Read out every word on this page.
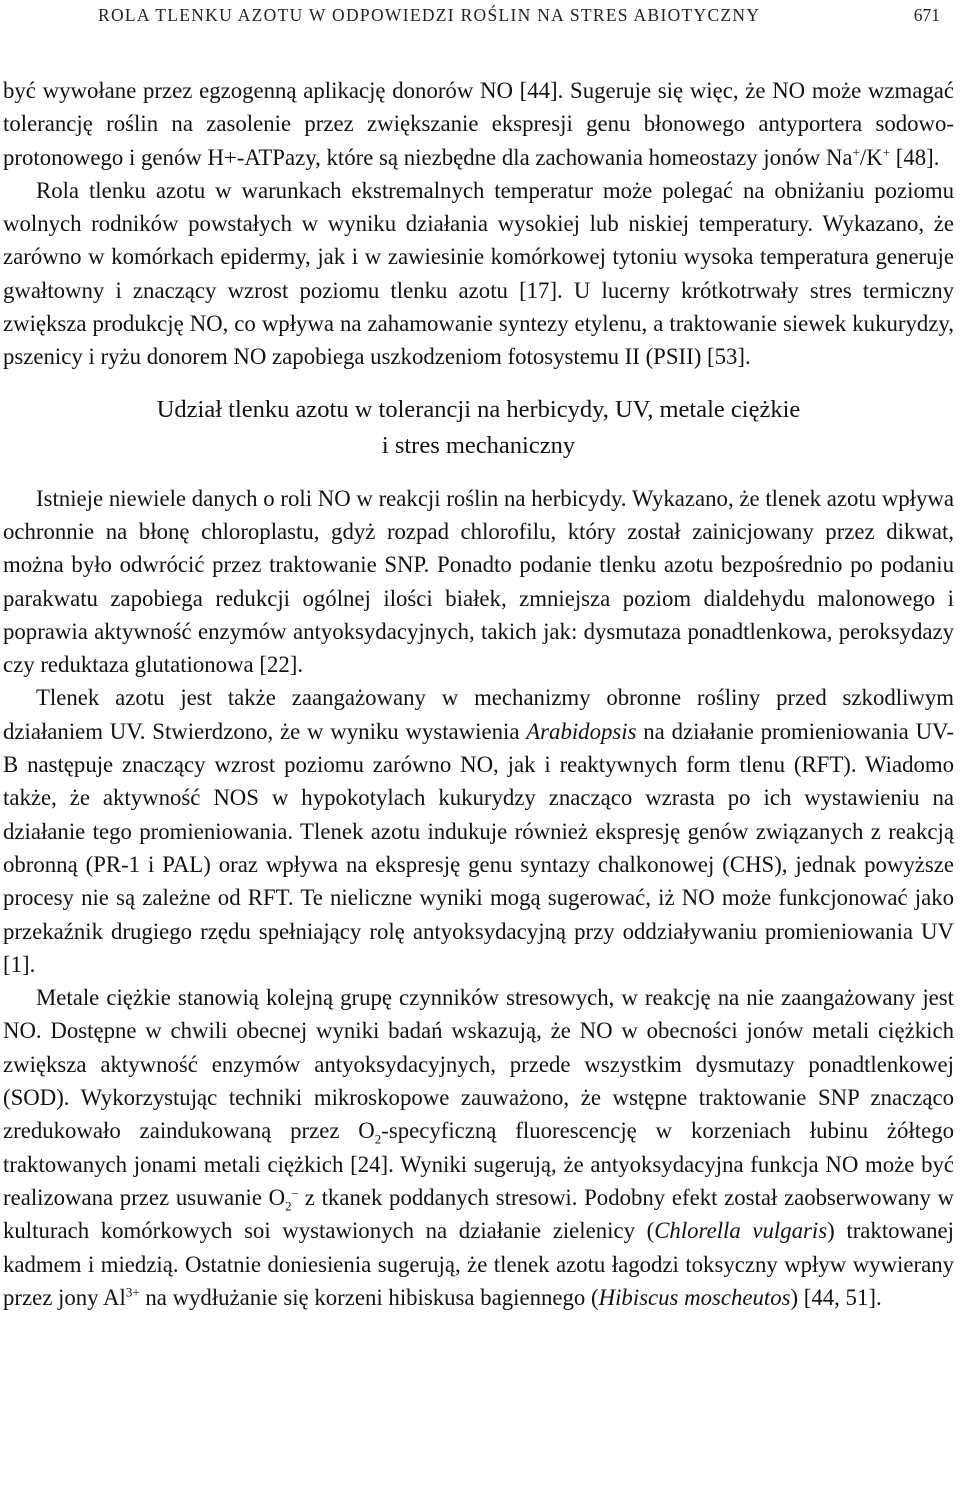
ROLA TLENKU AZOTU W ODPOWIEDZI ROŚLIN NA STRES ABIOTYCZNY	671

być wywołane przez egzogenną aplikację donorów NO [44]. Sugeruje się więc, że NO może wzmagać tolerancję roślin na zasolenie przez zwiększanie ekspresji genu błonowego antyportera sodowo-protonowego i genów H+-ATPazy, które są niezbędne dla zachowania homeostazy jonów Na+/K+ [48].

Rola tlenku azotu w warunkach ekstremalnych temperatur może polegać na obniżaniu poziomu wolnych rodników powstałych w wyniku działania wysokiej lub niskiej temperatury. Wykazano, że zarówno w komórkach epidermy, jak i w zawiesinie komórkowej tytoniu wysoka temperatura generuje gwałtowny i znaczący wzrost poziomu tlenku azotu [17]. U lucerny krótkotrwały stres termiczny zwiększa produkcję NO, co wpływa na zahamowanie syntezy etylenu, a traktowanie siewek kukurydzy, pszenicy i ryżu donorem NO zapobiega uszkodzeniom fotosystemu II (PSII) [53].

Udział tlenku azotu w tolerancji na herbicydy, UV, metale ciężkie
i stres mechaniczny

Istnieje niewiele danych o roli NO w reakcji roślin na herbicydy. Wykazano, że tlenek azotu wpływa ochronnie na błonę chloroplastu, gdyż rozpad chlorofilu, który został zainicjowany przez dikwat, można było odwrócić przez traktowanie SNP. Ponadto podanie tlenku azotu bezpośrednio po podaniu parakwatu zapobiega redukcji ogólnej ilości białek, zmniejsza poziom dialdehydu malonowego i poprawia aktywność enzymów antyoksydacyjnych, takich jak: dysmutaza ponadtlenkowa, peroksydazy czy reduktaza glutationowa [22].

Tlenek azotu jest także zaangażowany w mechanizmy obronne rośliny przed szkodliwym działaniem UV. Stwierdzono, że w wyniku wystawienia Arabidopsis na działanie promieniowania UV-B następuje znaczący wzrost poziomu zarówno NO, jak i reaktywnych form tlenu (RFT). Wiadomo także, że aktywność NOS w hypokotylach kukurydzy znacząco wzrasta po ich wystawieniu na działanie tego promieniowania. Tlenek azotu indukuje również ekspresję genów związanych z reakcją obronną (PR-1 i PAL) oraz wpływa na ekspresję genu syntazy chalkonowej (CHS), jednak powyższe procesy nie są zależne od RFT. Te nieliczne wyniki mogą sugerować, iż NO może funkcjonować jako przekaźnik drugiego rzędu spełniający rolę antyoksydacyjną przy oddziaływaniu promieniowania UV [1].

Metale ciężkie stanowią kolejną grupę czynników stresowych, w reakcję na nie zaangażowany jest NO. Dostępne w chwili obecnej wyniki badań wskazują, że NO w obecności jonów metali ciężkich zwiększa aktywność enzymów antyoksydacyjnych, przede wszystkim dysmutazy ponadtlenkowej (SOD). Wykorzystując techniki mikroskopowe zauważono, że wstępne traktowanie SNP znacząco zredukowało zaindukowaną przez $O_2$-specyficzną fluorescencję w korzeniach łubinu żółtego traktowanych jonami metali ciężkich [24]. Wyniki sugerują, że antyoksydacyjna funkcja NO może być realizowana przez usuwanie $O_2^-$ z tkanek poddanych stresowi. Podobny efekt został zaobserwowany w kulturach komórkowych soi wystawionych na działanie zielenicy (Chlorella vulgaris) traktowanej kadmem i miedzią. Ostatnie doniesienia sugerują, że tlenek azotu łagodzi toksyczny wpływ wywierany przez jony $Al^{3+}$ na wydłużanie się korzeni hibiskusa bagiennego (Hibiscus moscheutos) [44, 51].
